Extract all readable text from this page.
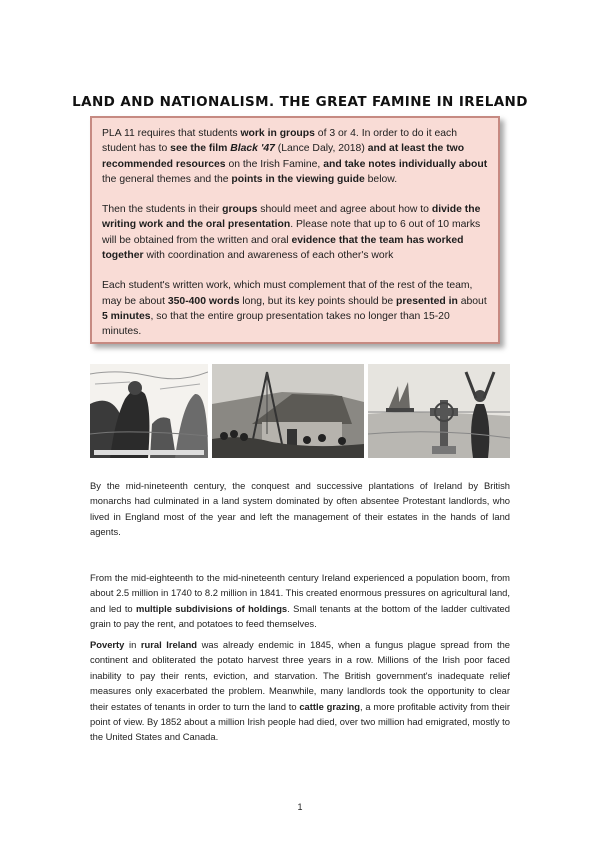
LAND AND NATIONALISM. THE GREAT FAMINE IN IRELAND

PLA 11 requires that students work in groups of 3 or 4. In order to do it each student has to see the film Black '47 (Lance Daly, 2018) and at least the two recommended resources on the Irish Famine, and take notes individually about the general themes and the points in the viewing guide below.

Then the students in their groups should meet and agree about how to divide the writing work and the oral presentation. Please note that up to 6 out of 10 marks will be obtained from the written and oral evidence that the team has worked together with coordination and awareness of each other's work

Each student's written work, which must complement that of the rest of the team, may be about 350-400 words long, but its key points should be presented in about 5 minutes, so that the entire group presentation takes no longer than 15-20 minutes.

By the mid-nineteenth century, the conquest and successive plantations of Ireland by British monarchs had culminated in a land system dominated by often absentee Protestant landlords, who lived in England most of the year and left the management of their estates in the hands of land agents.
From the mid-eighteenth to the mid-nineteenth century Ireland experienced a population boom, from about 2.5 million in 1740 to 8.2 million in 1841. This created enormous pressures on agricultural land, and led to multiple subdivisions of holdings. Small tenants at the bottom of the ladder cultivated grain to pay the rent, and potatoes to feed themselves.
Poverty in rural Ireland was already endemic in 1845, when a fungus plague spread from the continent and obliterated the potato harvest three years in a row. Millions of the Irish poor faced inability to pay their rents, eviction, and starvation. The British government's inadequate relief measures only exacerbated the problem. Meanwhile, many landlords took the opportunity to clear their estates of tenants in order to turn the land to cattle grazing, a more profitable activity from their point of view. By 1852 about a million Irish people had died, over two million had emigrated, mostly to the United States and Canada.
1
